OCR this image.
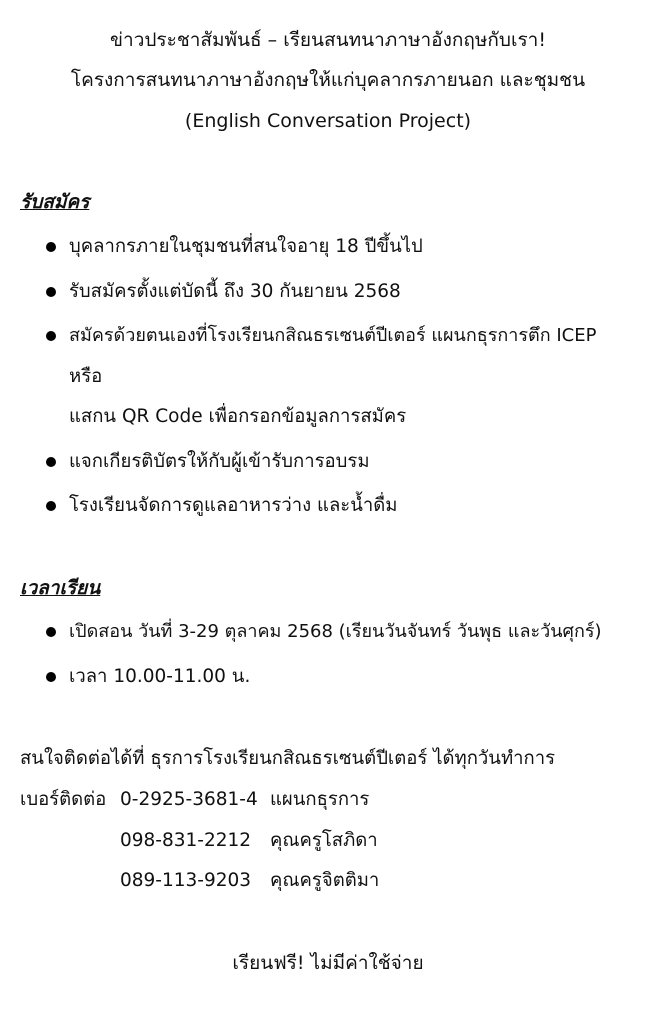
ข่าวประชาสัมพันธ์ – เรียนสนทนาภาษาอังกฤษกับเรา!
โครงการสนทนาภาษาอังกฤษให้แก่บุคลากรภายนอก และชุมชน
(English Conversation Project)
รับสมัคร
บุคลากรภายในชุมชนที่สนใจอายุ 18 ปีขึ้นไป
รับสมัครตั้งแต่บัดนี้ ถึง 30 กันยายน 2568
สมัครด้วยตนเองที่โรงเรียนกสิณธรเซนต์ปีเตอร์ แผนกธุรการตึก ICEP
หรือ
แสกน QR Code เพื่อกรอกข้อมูลการสมัคร
แจกเกียรติบัตรให้กับผู้เข้ารับการอบรม
โรงเรียนจัดการดูแลอาหารว่าง และน้ำดื่ม
เวลาเรียน
เปิดสอน วันที่ 3-29 ตุลาคม 2568 (เรียนวันจันทร์ วันพุธ และวันศุกร์)
เวลา 10.00-11.00 น.
สนใจติดต่อได้ที่ ธุรการโรงเรียนกสิณธรเซนต์ปีเตอร์ ได้ทุกวันทำการ
เบอร์ติดต่อ 0-2925-3681-4 แผนกธุรการ
098-831-2212 คุณครูโสภิดา
089-113-9203 คุณครูจิตติมา
เรียนฟรี! ไม่มีค่าใช้จ่าย
